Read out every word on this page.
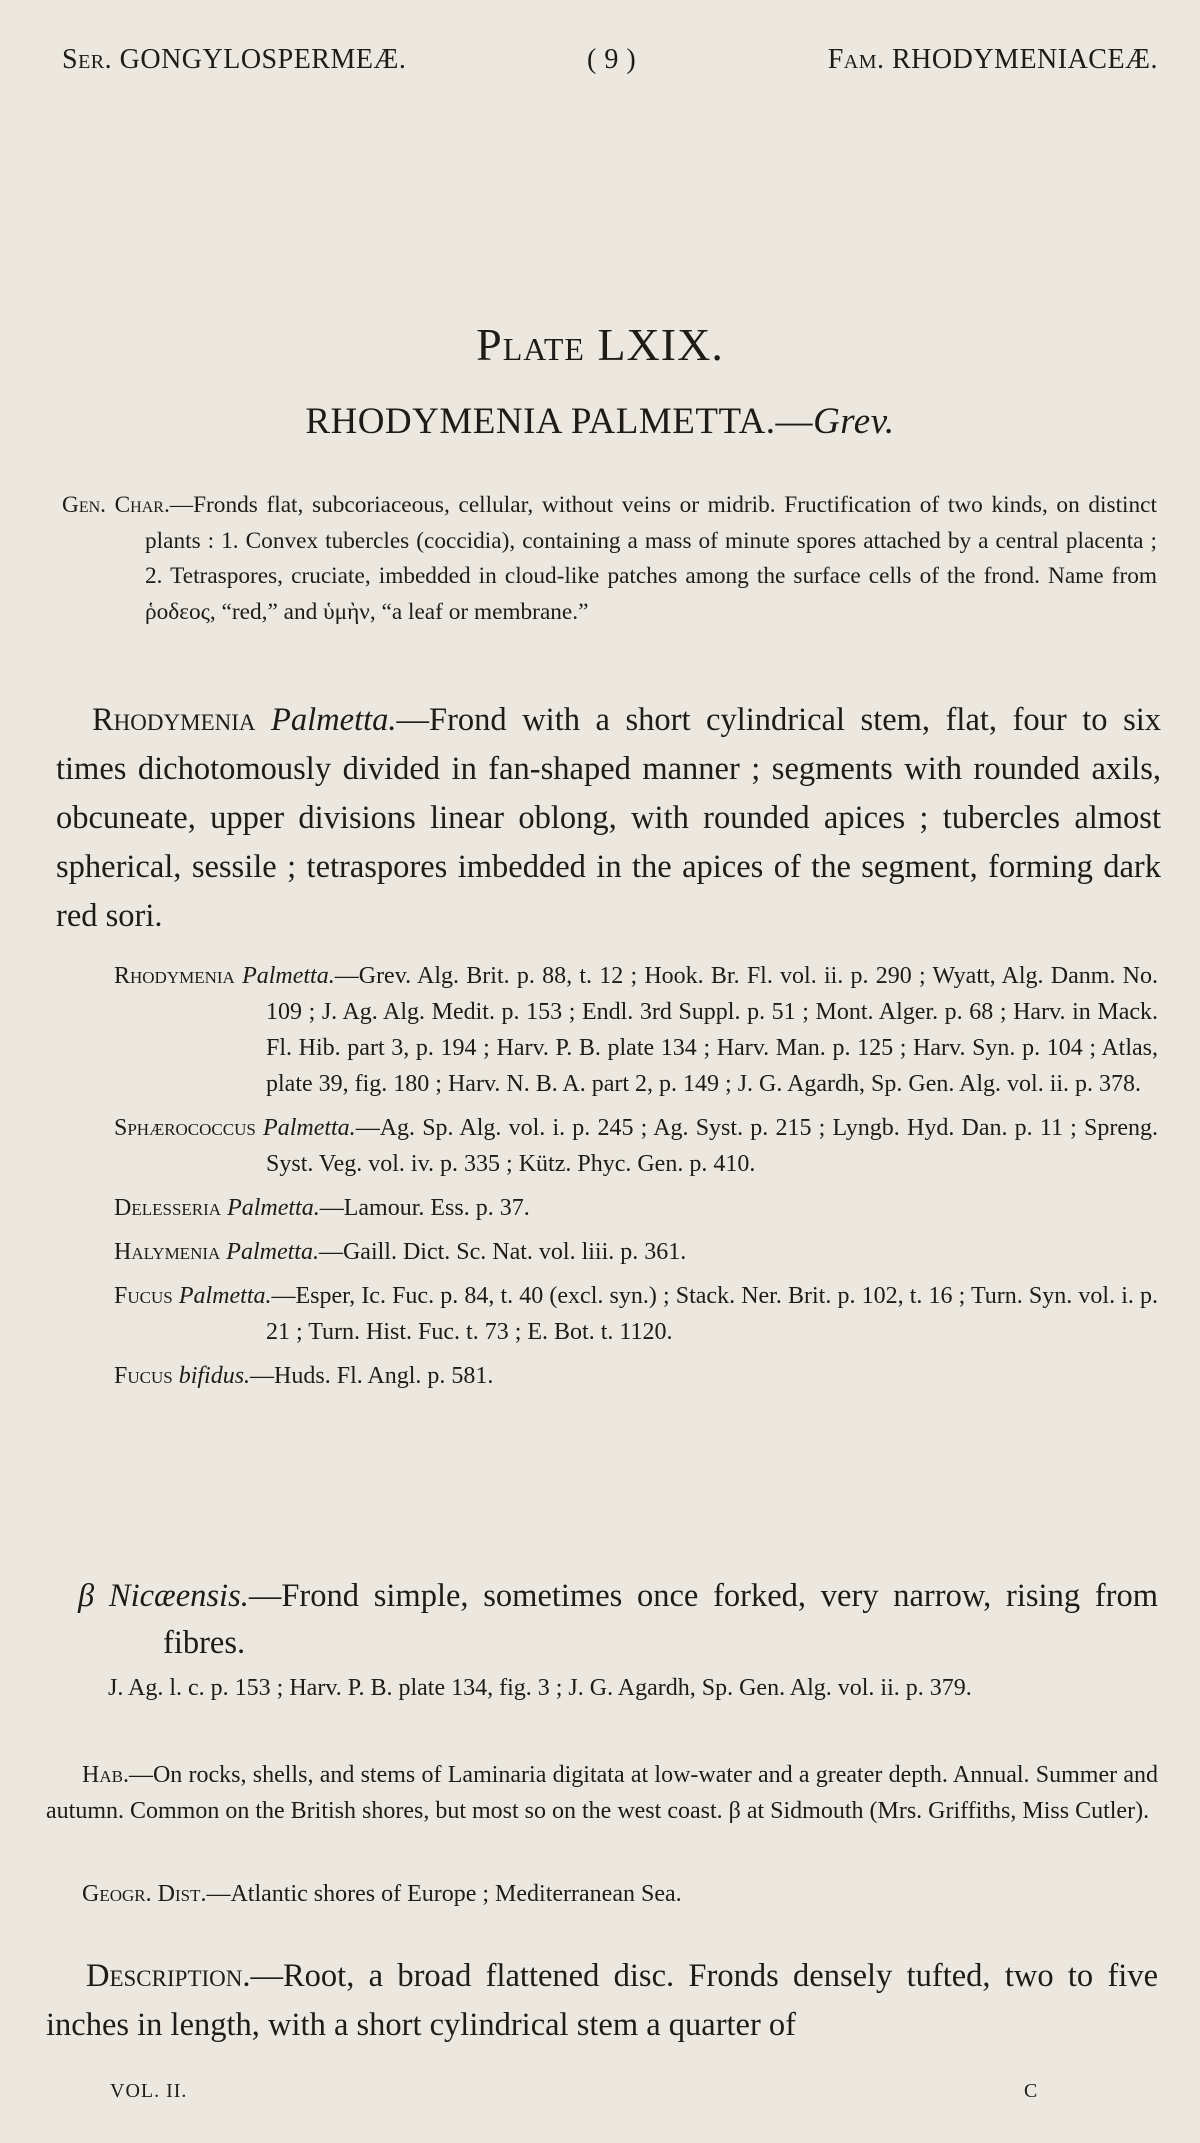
Ser. GONGYLOSPERMEÆ.	( 9 )	Fam. RHODYMENIACEÆ.
Plate LXIX.
RHODYMENIA PALMETTA.—Grev.
Gen. Char.—Fronds flat, subcoriaceous, cellular, without veins or midrib. Fructification of two kinds, on distinct plants : 1. Convex tubercles (coccidia), containing a mass of minute spores attached by a central placenta ; 2. Tetraspores, cruciate, imbedded in cloud-like patches among the surface cells of the frond. Name from ῥοδεος, “red,” and ὑμὴν, “a leaf or membrane.”
Rhodymenia Palmetta.—Frond with a short cylindrical stem, flat, four to six times dichotomously divided in fan-shaped manner ; segments with rounded axils, obcuneate, upper divisions linear oblong, with rounded apices ; tubercles almost spherical, sessile ; tetraspores imbedded in the apices of the segment, forming dark red sori.
Rhodymenia Palmetta.—Grev. Alg. Brit. p. 88, t. 12 ; Hook. Br. Fl. vol. ii. p. 290 ; Wyatt, Alg. Danm. No. 109 ; J. Ag. Alg. Medit. p. 153 ; Endl. 3rd Suppl. p. 51 ; Mont. Alger. p. 68 ; Harv. in Mack. Fl. Hib. part 3, p. 194 ; Harv. P. B. plate 134 ; Harv. Man. p. 125 ; Harv. Syn. p. 104 ; Atlas, plate 39, fig. 180 ; Harv. N. B. A. part 2, p. 149 ; J. G. Agardh, Sp. Gen. Alg. vol. ii. p. 378.
Sphærococcus Palmetta.—Ag. Sp. Alg. vol. i. p. 245 ; Ag. Syst. p. 215 ; Lyngb. Hyd. Dan. p. 11 ; Spreng. Syst. Veg. vol. iv. p. 335 ; Kütz. Phyc. Gen. p. 410.
Delesseria Palmetta.—Lamour. Ess. p. 37.
Halymenia Palmetta.—Gaill. Dict. Sc. Nat. vol. liii. p. 361.
Fucus Palmetta.—Esper, Ic. Fuc. p. 84, t. 40 (excl. syn.) ; Stack. Ner. Brit. p. 102, t. 16 ; Turn. Syn. vol. i. p. 21 ; Turn. Hist. Fuc. t. 73 ; E. Bot. t. 1120.
Fucus bifidus.—Huds. Fl. Angl. p. 581.
β Nicæensis.—Frond simple, sometimes once forked, very narrow, rising from fibres.
J. Ag. l. c. p. 153 ; Harv. P. B. plate 134, fig. 3 ; J. G. Agardh, Sp. Gen. Alg. vol. ii. p. 379.
Hab.—On rocks, shells, and stems of Laminaria digitata at low-water and a greater depth. Annual. Summer and autumn. Common on the British shores, but most so on the west coast. β at Sidmouth (Mrs. Griffiths, Miss Cutler).
Geogr. Dist.—Atlantic shores of Europe ; Mediterranean Sea.
Description.—Root, a broad flattened disc. Fronds densely tufted, two to five inches in length, with a short cylindrical stem a quarter of
VOL. II.	C
